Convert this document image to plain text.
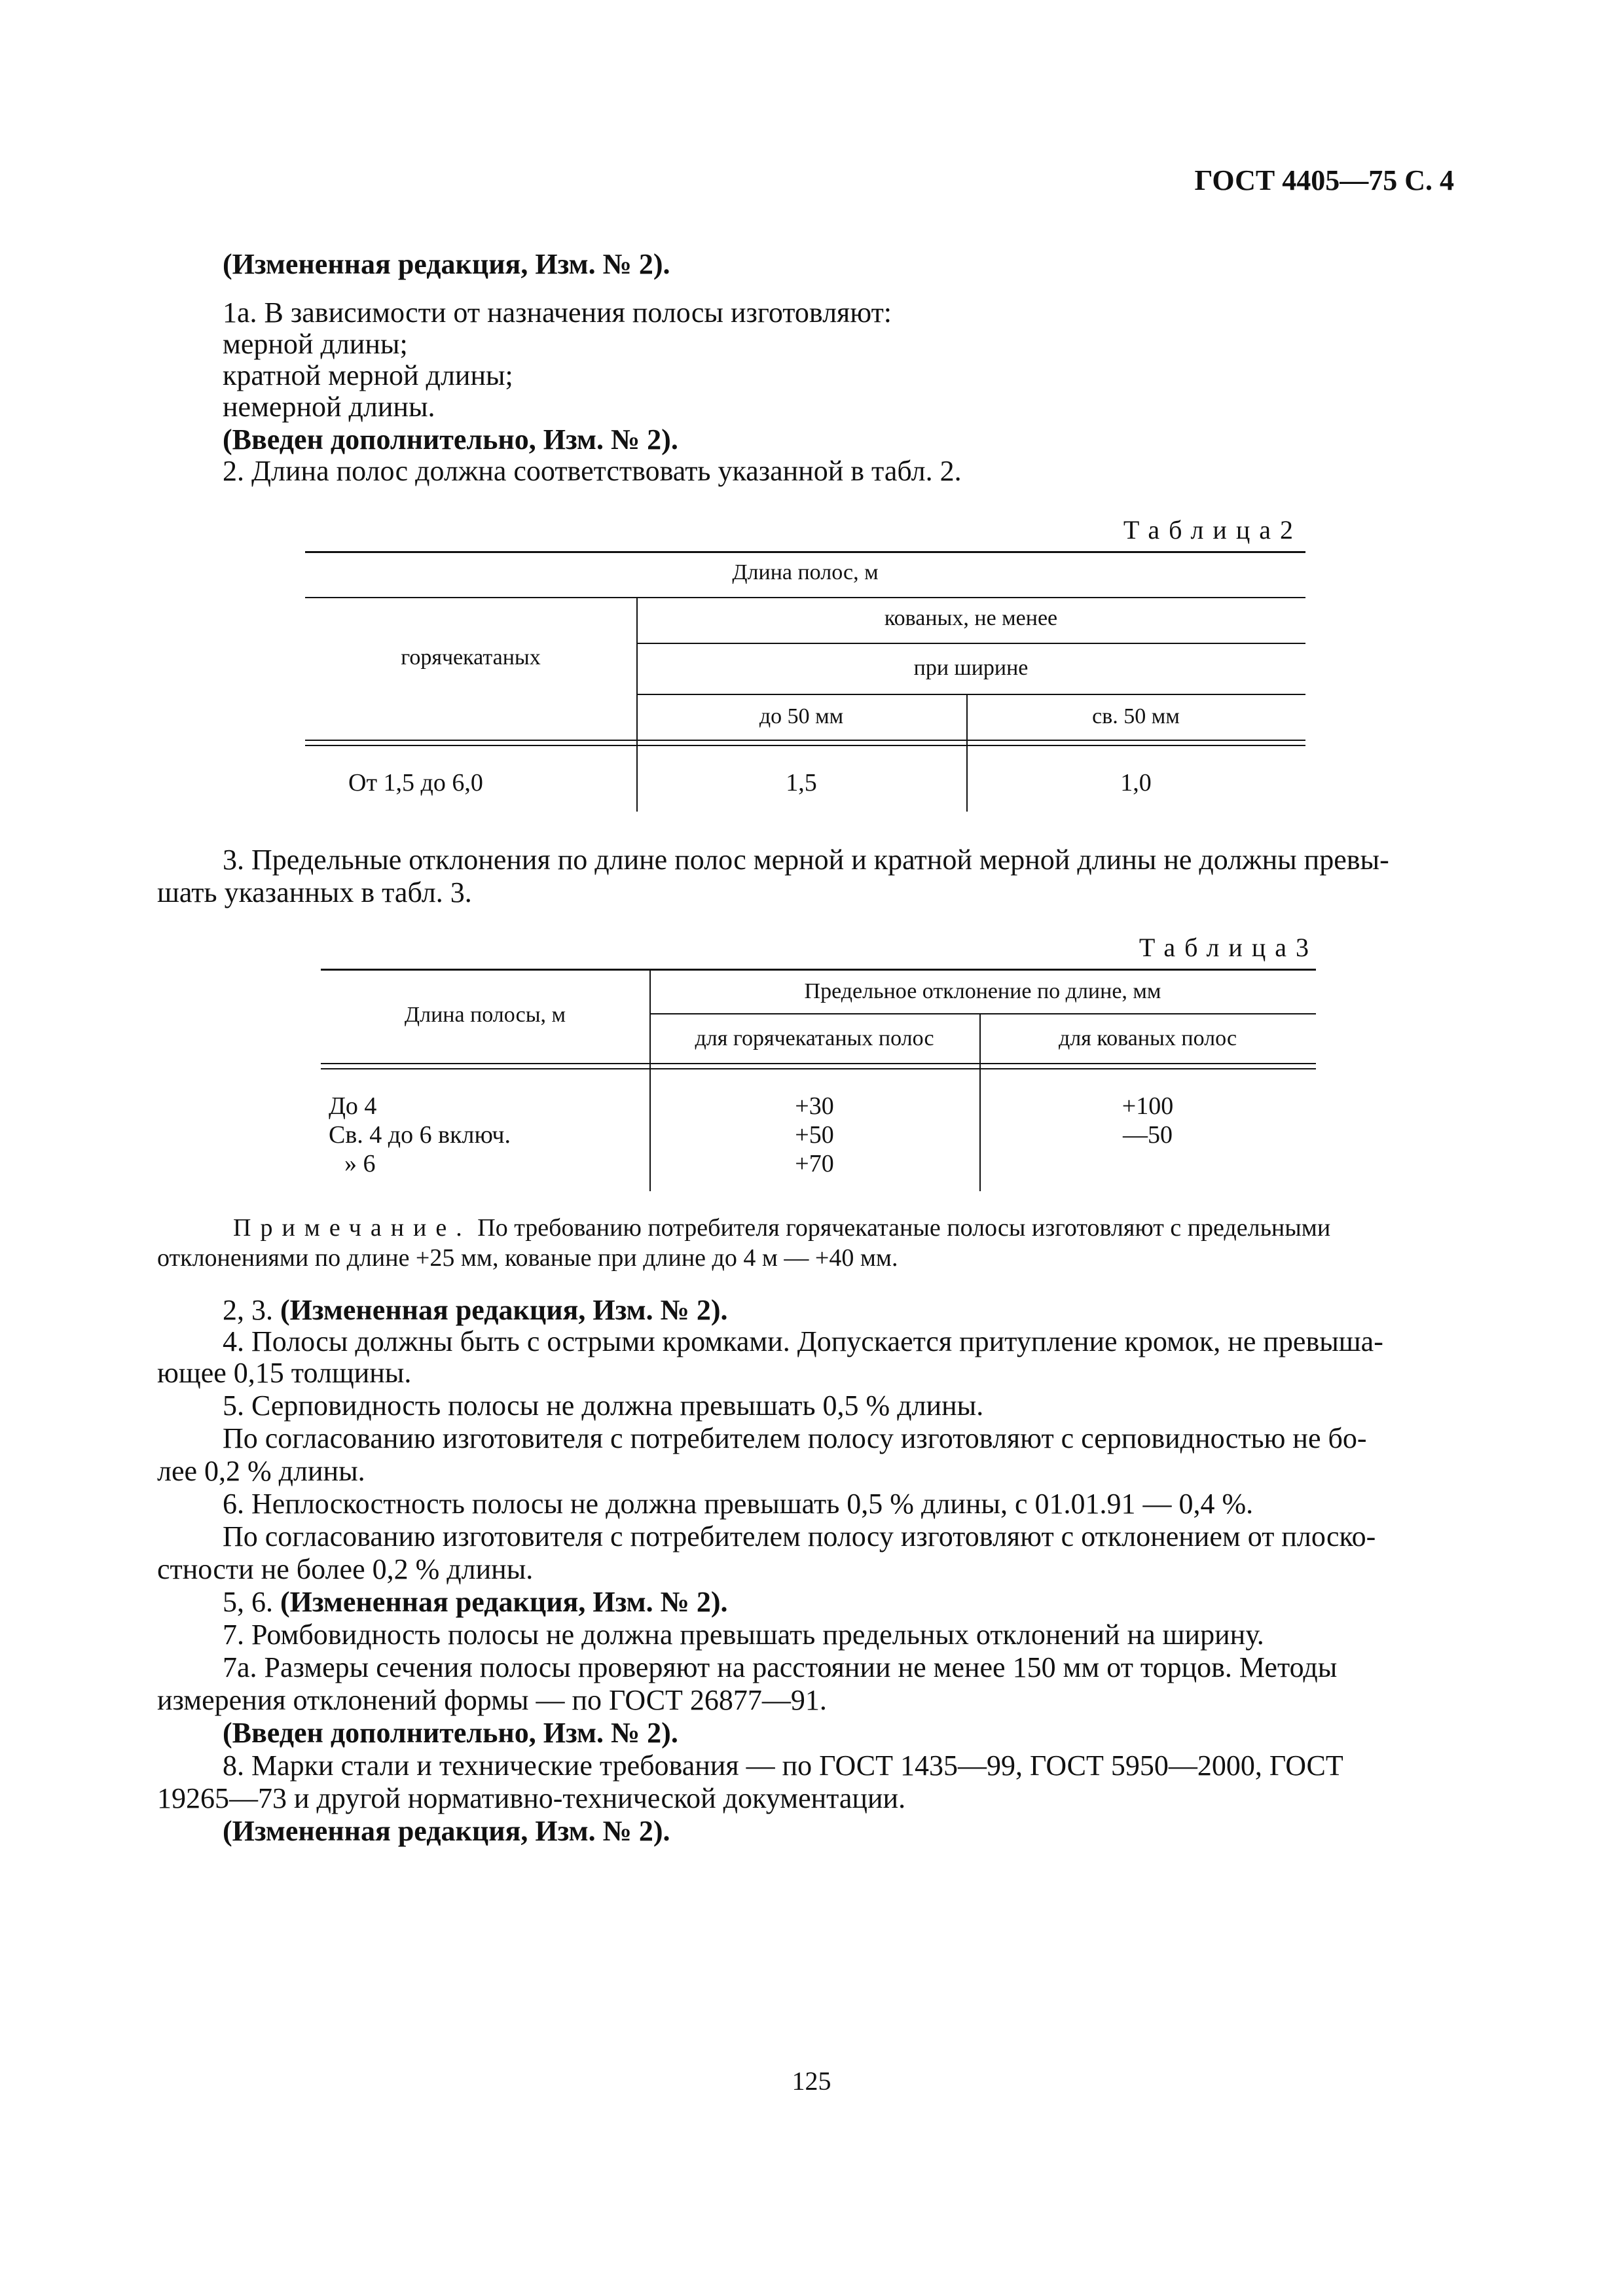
ГОСТ 4405—75 С. 4
(Измененная редакция, Изм. № 2).
1а. В зависимости от назначения полосы изготовляют:
мерной длины;
кратной мерной длины;
немерной длины.
(Введен дополнительно, Изм. № 2).
2. Длина полос должна соответствовать указанной в табл. 2.
Таблица2
Длина полос, м
горячекатаных
кованых, не менее
при ширине
до 50 мм	св. 50 мм
От 1,5 до 6,0	1,5	1,0
3. Предельные отклонения по длине полос мерной и кратной мерной длины не должны превы-
шать указанных в табл. 3.
Таблица3
Длина полосы, м
Предельное отклонение по длине, мм
для горячекатаных полос	для кованых полос
До 4	+30	+100
Св. 4 до 6 включ.	+50	—50
» 6	+70
Примечание. По требованию потребителя горячекатаные полосы изготовляют с предельными
отклонениями по длине +25 мм, кованые при длине до 4 м — +40 мм.
2, 3. (Измененная редакция, Изм. № 2).
4. Полосы должны быть с острыми кромками. Допускается притупление кромок, не превыша-
ющее 0,15 толщины.
5. Серповидность полосы не должна превышать 0,5 % длины.
По согласованию изготовителя с потребителем полосу изготовляют с серповидностью не бо-
лее 0,2 % длины.
6. Неплоскостность полосы не должна превышать 0,5 % длины, с 01.01.91 — 0,4 %.
По согласованию изготовителя с потребителем полосу изготовляют с отклонением от плоско-
стности не более 0,2 % длины.
5, 6. (Измененная редакция, Изм. № 2).
7. Ромбовидность полосы не должна превышать предельных отклонений на ширину.
7а. Размеры сечения полосы проверяют на расстоянии не менее 150 мм от торцов. Методы
измерения отклонений формы — по ГОСТ 26877—91.
(Введен дополнительно, Изм. № 2).
8. Марки стали и технические требования — по ГОСТ 1435—99, ГОСТ 5950—2000, ГОСТ
19265—73 и другой нормативно-технической документации.
(Измененная редакция, Изм. № 2).
125
